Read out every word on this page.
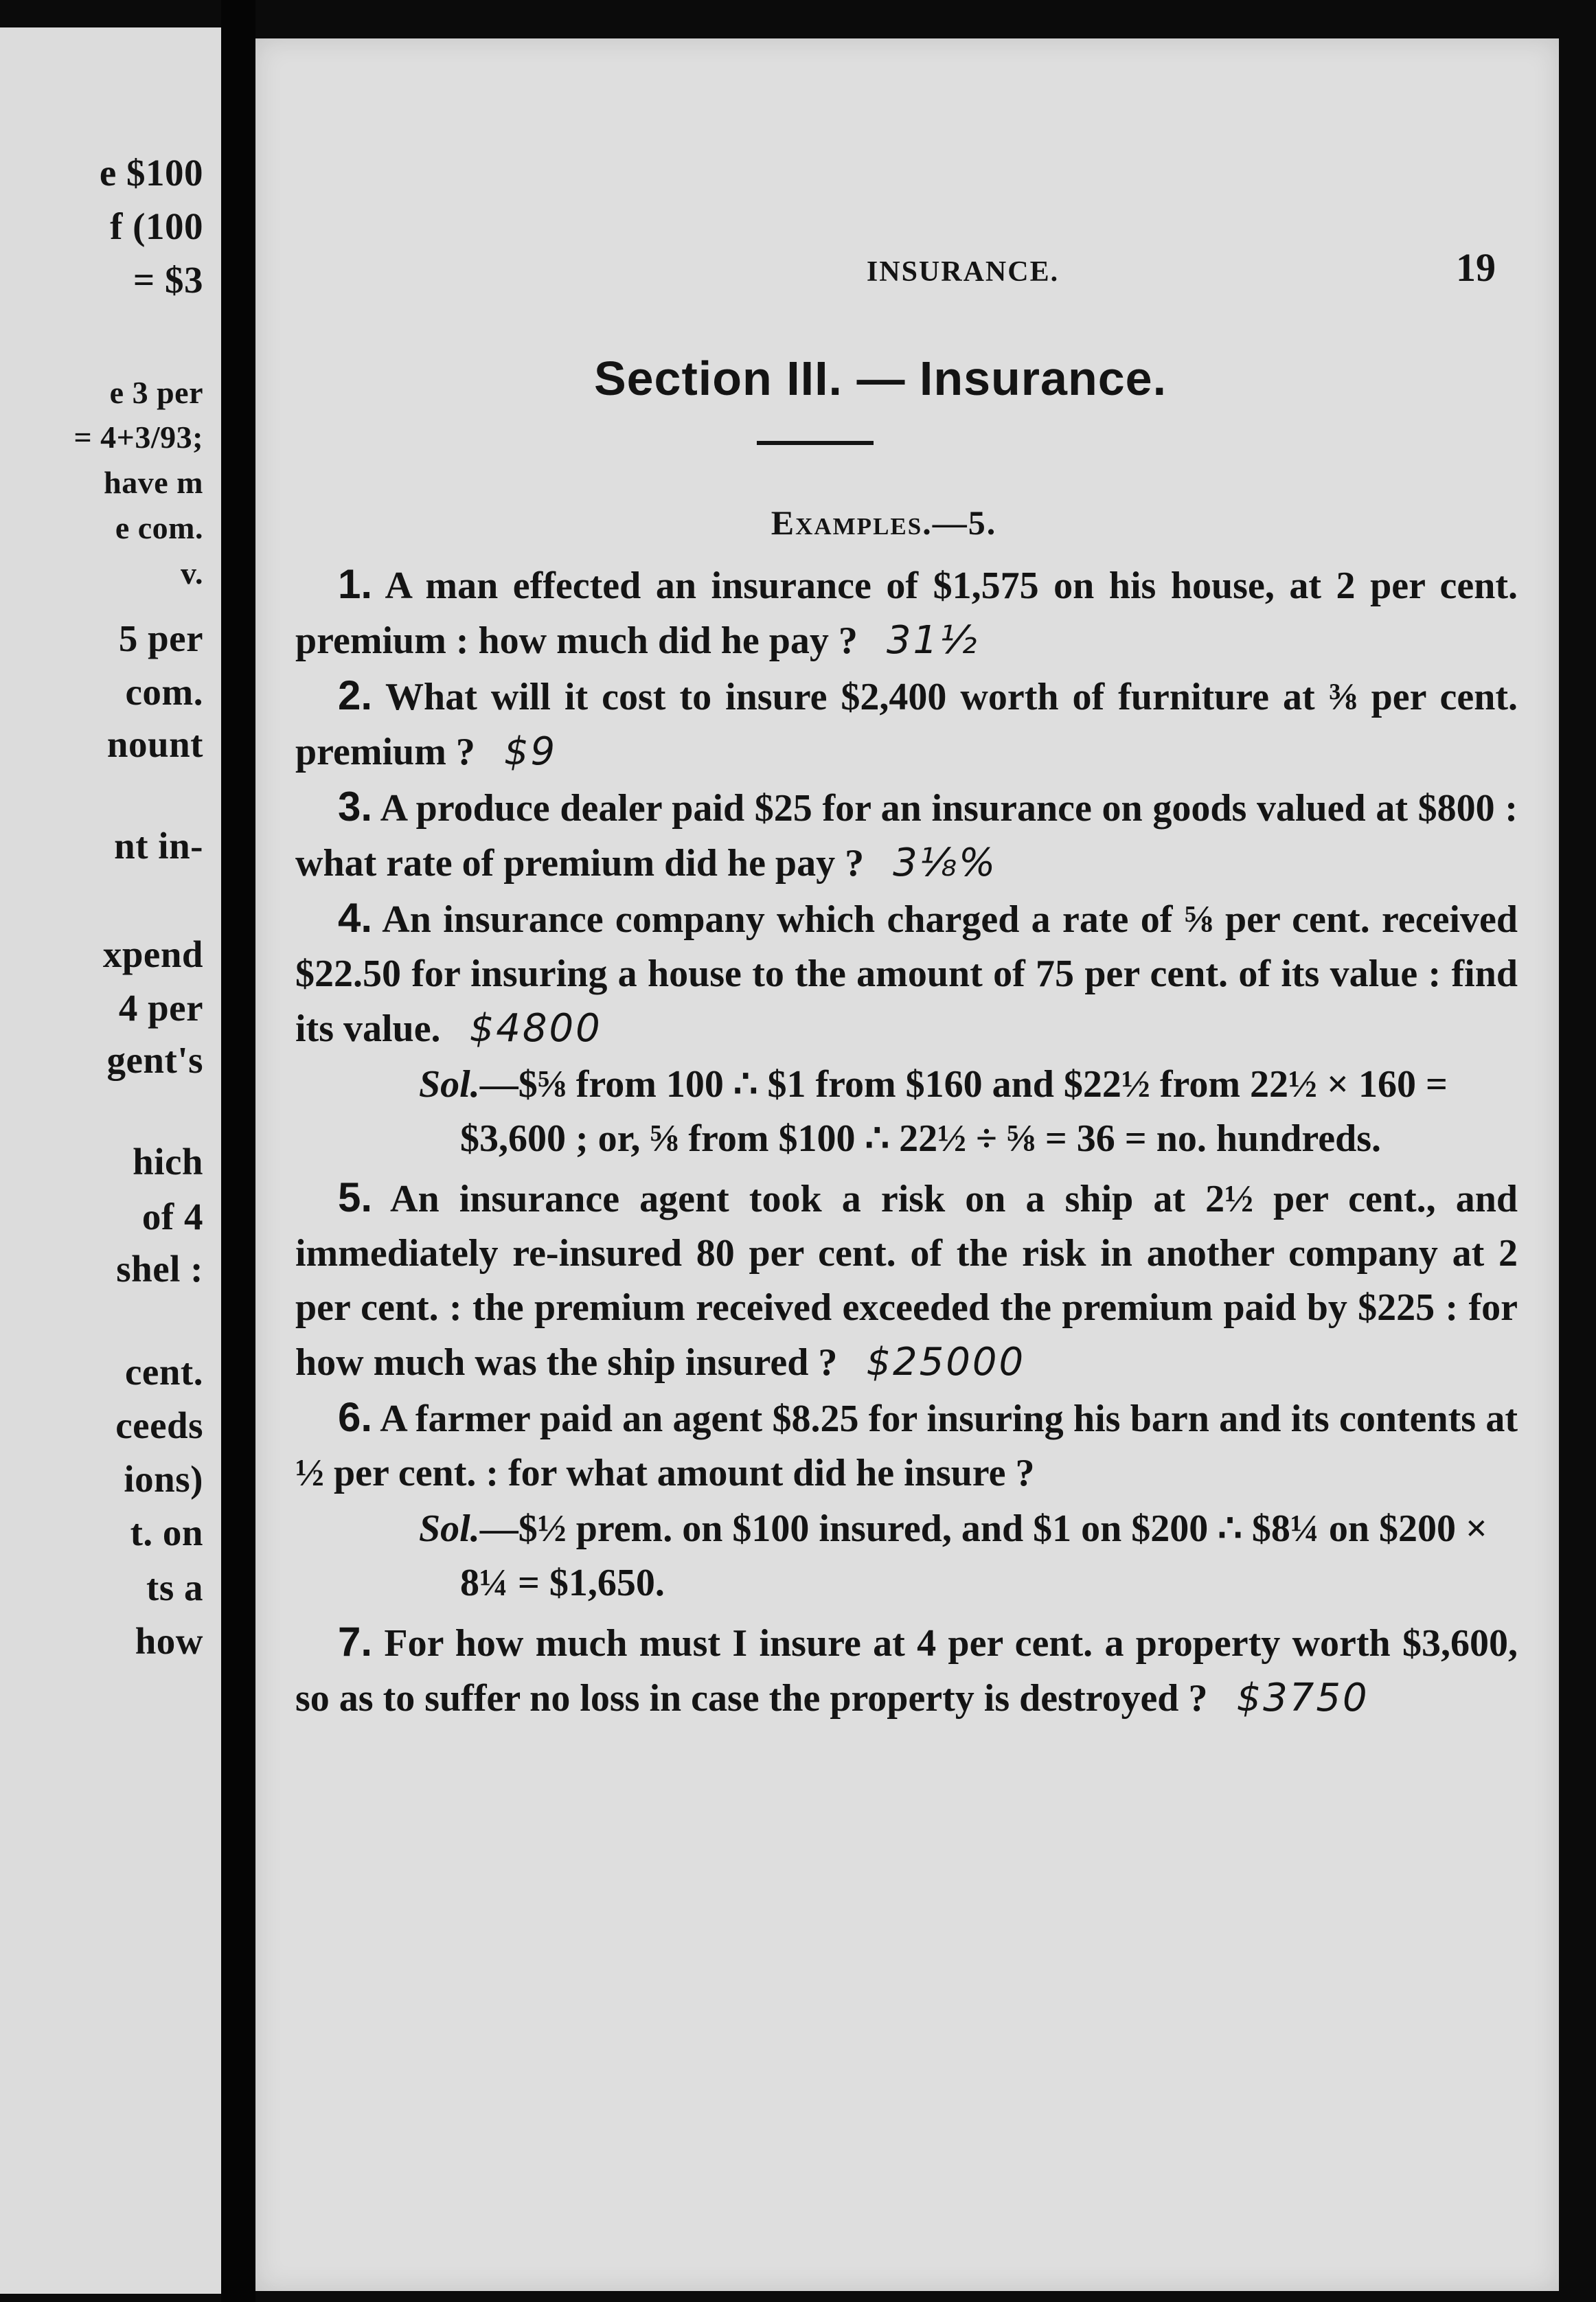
e $100
f (100
= $3
e 3 per
= 4+3/93;
have m
e com.
v.
5 per
com.
nount
nt in-
xpend
4 per
gent's
hich
of 4
shel :
cent.
ceeds
ions)
t. on
ts a
how
INSURANCE.	19
Section III. — Insurance.
Examples.—5.

1. A man effected an insurance of $1,575 on his house, at 2 per cent. premium : how much did he pay ? 31½

2. What will it cost to insure $2,400 worth of furniture at ⅜ per cent. premium ? $9

3. A produce dealer paid $25 for an insurance on goods valued at $800 : what rate of premium did he pay ? 3⅛%

4. An insurance company which charged a rate of ⅝ per cent. received $22.50 for insuring a house to the amount of 75 per cent. of its value : find its value. $4800

Sol.—$⅝ from 100 ∴ $1 from $160 and $22½ from 22½ × 160 = $3,600 ; or, ⅝ from $100 ∴ 22½ ÷ ⅝ = 36 = no. hundreds.

5. An insurance agent took a risk on a ship at 2½ per cent., and immediately re-insured 80 per cent. of the risk in another company at 2 per cent. : the premium received exceeded the premium paid by $225 : for how much was the ship insured ? $25000

6. A farmer paid an agent $8.25 for insuring his barn and its contents at ½ per cent. : for what amount did he insure ?

Sol.—$½ prem. on $100 insured, and $1 on $200 ∴ $8¼ on $200 × 8¼ = $1,650.

7. For how much must I insure at 4 per cent. a property worth $3,600, so as to suffer no loss in case the property is destroyed ? $3750
